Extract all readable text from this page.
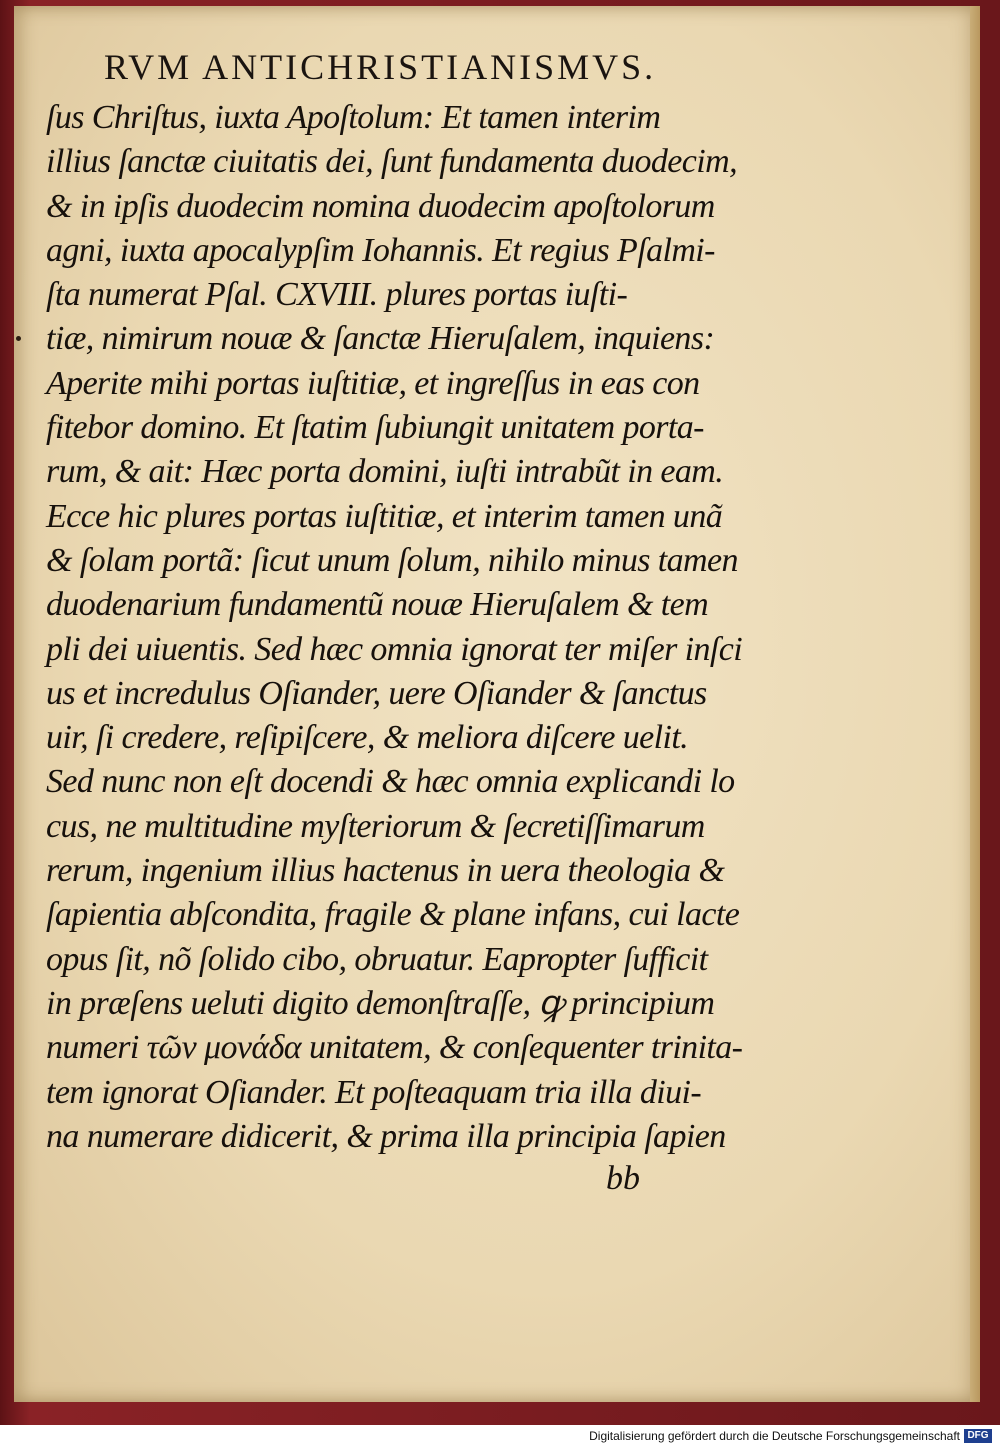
RVM ANTICHRISTIANISMVS.
ſus Chriſtus, iuxta Apoſtolum: Et tamen interim
illius ſanctæ ciuitatis dei, ſunt fundamenta duodecim,
& in ipſis duodecim nomina duodecim apoſtolorum
agni, iuxta apocalypſim Iohannis. Et regius Pſalmi-
ſta numerat Pſal. CXVIII. plures portas iuſti-
tiæ, nimirum nouæ & ſanctæ Hieruſalem, inquiens:
Aperite mihi portas iuſtitiæ, et ingreſſus in eas con
fitebor domino. Et ſtatim ſubiungit unitatem porta-
rum, & ait: Hæc porta domini, iuſti intrabũt in eam.
Ecce hic plures portas iuſtitiæ, et interim tamen unã
& ſolam portã: ſicut unum ſolum, nihilo minus tamen
duodenarium fundamentũ nouæ Hieruſalem & tem
pli dei uiuentis. Sed hæc omnia ignorat ter miſer inſci
us et incredulus Oſiander, uere Oſiander & ſanctus
uir, ſi credere, reſipiſcere, & meliora diſcere uelit.
Sed nunc non eſt docendi & hæc omnia explicandi lo
cus, ne multitudine myſteriorum & ſecretiſſimarum
rerum, ingenium illius hactenus in uera theologia &
ſapientia abſcondita, fragile & plane infans, cui lacte
opus ſit, nõ ſolido cibo, obruatur. Eapropter ſufficit
in præſens ueluti digito demonſtraſſe, ꝙ principium
numeri τῶν μονάδα unitatem, & conſequenter trinita-
tem ignorat Oſiander. Et poſteaquam tria illa diui-
na numerare didicerit, & prima illa principia ſapien
bb
Digitalisierung gefördert durch die Deutsche Forschungsgemeinschaft DFG
